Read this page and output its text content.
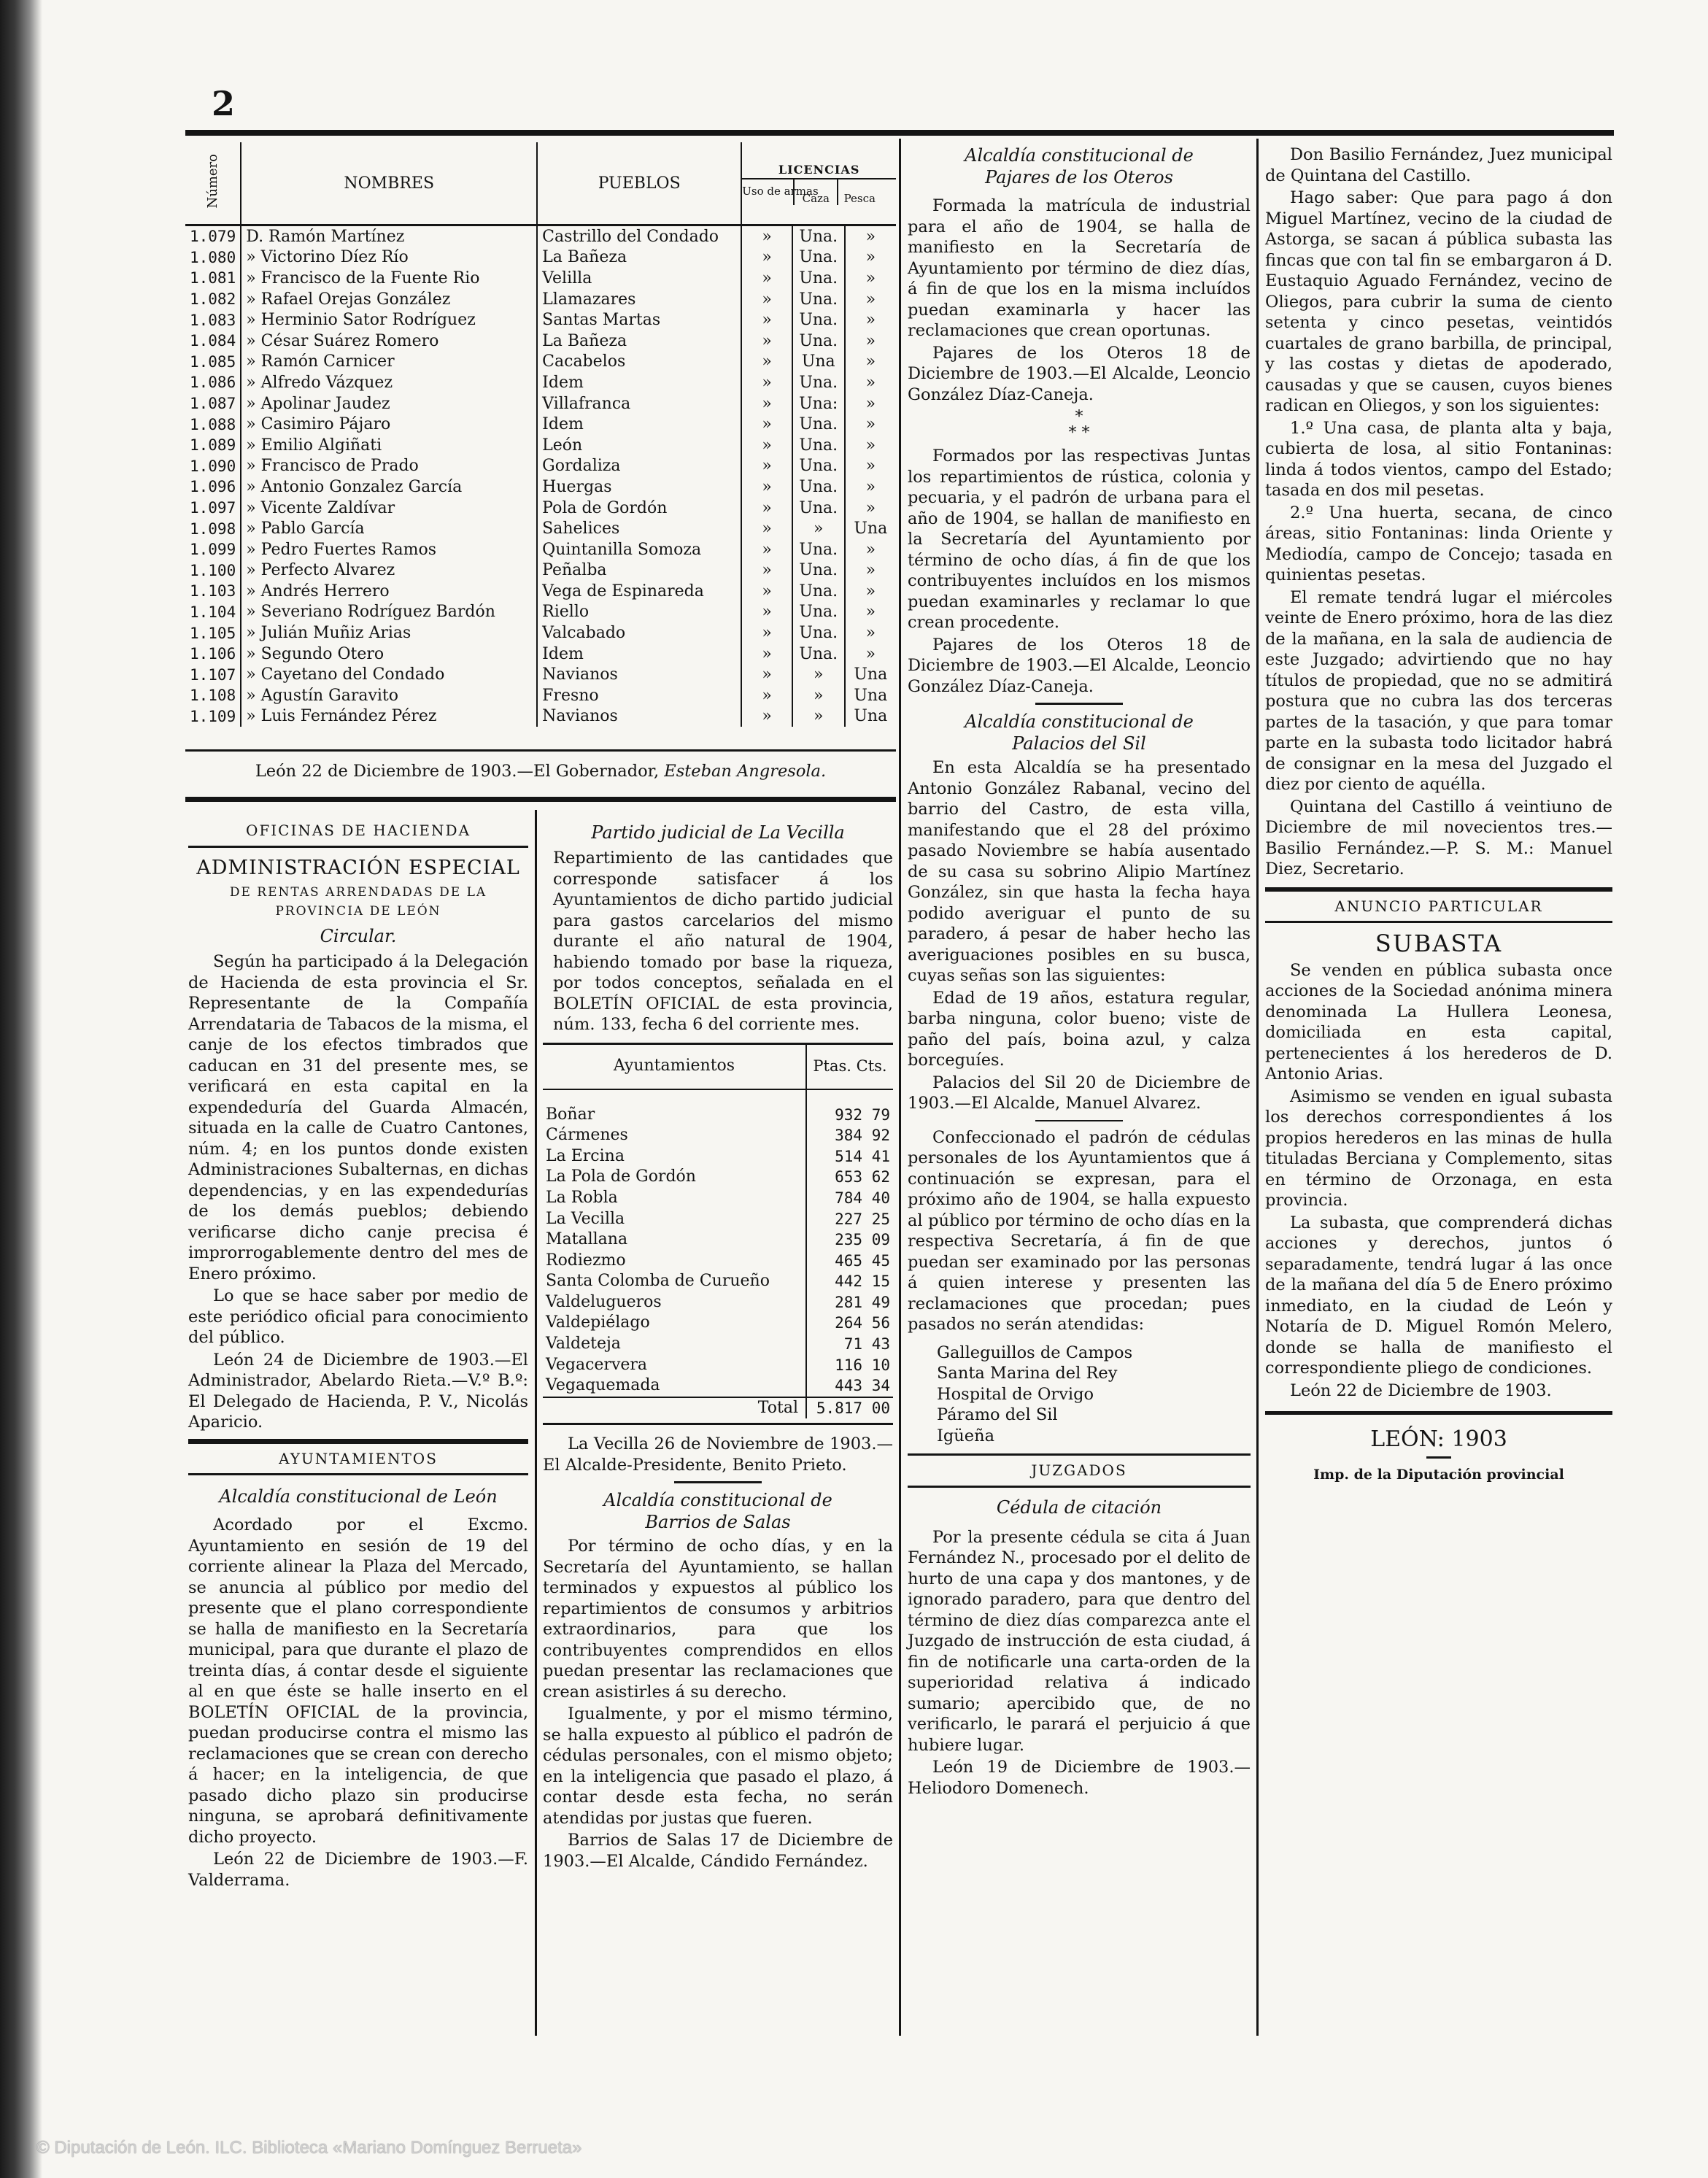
2
Número	NOMBRES	PUEBLOS	LICENCIAS
Uso de armas
Caza Pesca		

1.079	D. Ramón Martínez	Castrillo del Condado	»	Una.	»
1.080	» Victorino Díez Río	La Bañeza	»	Una.	»
1.081	» Francisco de la Fuente Rio	Velilla	»	Una.	»
1.082	» Rafael Orejas González	Llamazares	»	Una.	»
1.083	» Herminio Sator Rodríguez	Santas Martas	»	Una.	»
1.084	» César Suárez Romero	La Bañeza	»	Una.	»
1.085	» Ramón Carnicer	Cacabelos	»	Una	»
1.086	» Alfredo Vázquez	Idem	»	Una.	»
1.087	» Apolinar Jaudez	Villafranca	»	Una:	»
1.088	» Casimiro Pájaro	Idem	»	Una.	»
1.089	» Emilio Algiñati	León	»	Una.	»
1.090	» Francisco de Prado	Gordaliza	»	Una.	»
1.096	» Antonio Gonzalez García	Huergas	»	Una.	»
1.097	» Vicente Zaldívar	Pola de Gordón	»	Una.	»
1.098	» Pablo García	Sahelices	»	»	Una
1.099	» Pedro Fuertes Ramos	Quintanilla Somoza	»	Una.	»
1.100	» Perfecto Alvarez	Peñalba	»	Una.	»
1.103	» Andrés Herrero	Vega de Espinareda	»	Una.	»
1.104	» Severiano Rodríguez Bardón	Riello	»	Una.	»
1.105	» Julián Muñiz Arias	Valcabado	»	Una.	»
1.106	» Segundo Otero	Idem	»	Una.	»
1.107	» Cayetano del Condado	Navianos	»	»	Una
1.108	» Agustín Garavito	Fresno	»	»	Una
1.109	» Luis Fernández Pérez	Navianos	»	»	Una
León 22 de Diciembre de 1903.—El Gobernador, Esteban Angresola.
OFICINAS DE HACIENDA
ADMINISTRACIÓN ESPECIAL
DE RENTAS ARRENDADAS DE LA PROVINCIA DE LEÓN
Circular.

Según ha participado á la Delegación de Hacienda de esta provincia el Sr. Representante de la Compañía Arrendataria de Tabacos de la misma, el canje de los efectos timbrados que caducan en 31 del presente mes, se verificará en esta capital en la expendeduría del Guarda Almacén, situada en la calle de Cuatro Cantones, núm. 4; en los puntos donde existen Administraciones Subalternas, en dichas dependencias, y en las expendedurías de los demás pueblos; debiendo verificarse dicho canje precisa é improrrogablemente dentro del mes de Enero próximo.

Lo que se hace saber por medio de este periódico oficial para conocimiento del público.

León 24 de Diciembre de 1903.—El Administrador, Abelardo Rieta.—V.º B.º: El Delegado de Hacienda, P. V., Nicolás Aparicio.

AYUNTAMIENTOS
Alcaldía constitucional de León

Acordado por el Excmo. Ayuntamiento en sesión de 19 del corriente alinear la Plaza del Mercado, se anuncia al público por medio del presente que el plano correspondiente se halla de manifiesto en la Secretaría municipal, para que durante el plazo de treinta días, á contar desde el siguiente al en que éste se halle inserto en el BOLETÍN OFICIAL de la provincia, puedan producirse contra el mismo las reclamaciones que se crean con derecho á hacer; en la inteligencia, de que pasado dicho plazo sin producirse ninguna, se aprobará definitivamente dicho proyecto.

León 22 de Diciembre de 1903.—F. Valderrama.

Partido judicial de La Vecilla

Repartimiento de las cantidades que corresponde satisfacer á los Ayuntamientos de dicho partido judicial para gastos carcelarios del mismo durante el año natural de 1904, habiendo tomado por base la riqueza, por todos conceptos, señalada en el BOLETÍN OFICIAL de esta provincia, núm. 133, fecha 6 del corriente mes.

Ayuntamientos	Ptas. Cts.

Boñar	932 79
Cármenes	384 92
La Ercina	514 41
La Pola de Gordón	653 62
La Robla	784 40
La Vecilla	227 25
Matallana	235 09
Rodiezmo	465 45
Santa Colomba de Curueño	442 15
Valdelugueros	281 49
Valdepiélago	264 56
Valdeteja	71 43
Vegacervera	116 10
Vegaquemada	443 34
Total	5.817 00

La Vecilla 26 de Noviembre de 1903.—El Alcalde-Presidente, Benito Prieto.

Alcaldía constitucional de Barrios de Salas

Por término de ocho días, y en la Secretaría del Ayuntamiento, se hallan terminados y expuestos al público los repartimientos de consumos y arbitrios extraordinarios, para que los contribuyentes comprendidos en ellos puedan presentar las reclamaciones que crean asistirles á su derecho.

Igualmente, y por el mismo término, se halla expuesto al público el padrón de cédulas personales, con el mismo objeto; en la inteligencia que pasado el plazo, á contar desde esta fecha, no serán atendidas por justas que fueren.

Barrios de Salas 17 de Diciembre de 1903.—El Alcalde, Cándido Fernández.

Alcaldía constitucional de Pajares de los Oteros

Formada la matrícula de industrial para el año de 1904, se halla de manifiesto en la Secretaría de Ayuntamiento por término de diez días, á fin de que los en la misma incluídos puedan examinarla y hacer las reclamaciones que crean oportunas.

Pajares de los Oteros 18 de Diciembre de 1903.—El Alcalde, Leoncio González Díaz-Caneja.

*
* *

Formados por las respectivas Juntas los repartimientos de rústica, colonia y pecuaria, y el padrón de urbana para el año de 1904, se hallan de manifiesto en la Secretaría del Ayuntamiento por término de ocho días, á fin de que los contribuyentes incluídos en los mismos puedan examinarles y reclamar lo que crean procedente.

Pajares de los Oteros 18 de Diciembre de 1903.—El Alcalde, Leoncio González Díaz-Caneja.

Alcaldía constitucional de Palacios del Sil

En esta Alcaldía se ha presentado Antonio González Rabanal, vecino del barrio del Castro, de esta villa, manifestando que el 28 del próximo pasado Noviembre se había ausentado de su casa su sobrino Alipio Martínez González, sin que hasta la fecha haya podido averiguar el punto de su paradero, á pesar de haber hecho las averiguaciones posibles en su busca, cuyas señas son las siguientes:

Edad de 19 años, estatura regular, barba ninguna, color bueno; viste de paño del país, boina azul, y calza borceguíes.

Palacios del Sil 20 de Diciembre de 1903.—El Alcalde, Manuel Alvarez.

Confeccionado el padrón de cédulas personales de los Ayuntamientos que á continuación se expresan, para el próximo año de 1904, se halla expuesto al público por término de ocho días en la respectiva Secretaría, á fin de que puedan ser examinado por las personas á quien interese y presenten las reclamaciones que procedan; pues pasados no serán atendidas:

Galleguillos de Campos
Santa Marina del Rey
Hospital de Orvigo
Páramo del Sil
Igüeña
JUZGADOS
Cédula de citación

Por la presente cédula se cita á Juan Fernández N., procesado por el delito de hurto de una capa y dos mantones, y de ignorado paradero, para que dentro del término de diez días comparezca ante el Juzgado de instrucción de esta ciudad, á fin de notificarle una carta-orden de la superioridad relativa á indicado sumario; apercibido que, de no verificarlo, le parará el perjuicio á que hubiere lugar.

León 19 de Diciembre de 1903.—Heliodoro Domenech.

Don Basilio Fernández, Juez municipal de Quintana del Castillo.

Hago saber: Que para pago á don Miguel Martínez, vecino de la ciudad de Astorga, se sacan á pública subasta las fincas que con tal fin se embargaron á D. Eustaquio Aguado Fernández, vecino de Oliegos, para cubrir la suma de ciento setenta y cinco pesetas, veintidós cuartales de grano barbilla, de principal, y las costas y dietas de apoderado, causadas y que se causen, cuyos bienes radican en Oliegos, y son los siguientes:

1.º Una casa, de planta alta y baja, cubierta de losa, al sitio Fontaninas: linda á todos vientos, campo del Estado; tasada en dos mil pesetas.

2.º Una huerta, secana, de cinco áreas, sitio Fontaninas: linda Oriente y Mediodía, campo de Concejo; tasada en quinientas pesetas.

El remate tendrá lugar el miércoles veinte de Enero próximo, hora de las diez de la mañana, en la sala de audiencia de este Juzgado; advirtiendo que no hay títulos de propiedad, que no se admitirá postura que no cubra las dos terceras partes de la tasación, y que para tomar parte en la subasta todo licitador habrá de consignar en la mesa del Juzgado el diez por ciento de aquélla.

Quintana del Castillo á veintiuno de Diciembre de mil novecientos tres.—Basilio Fernández.—P. S. M.: Manuel Diez, Secretario.

ANUNCIO PARTICULAR
SUBASTA

Se venden en pública subasta once acciones de la Sociedad anónima minera denominada La Hullera Leonesa, domiciliada en esta capital, pertenecientes á los herederos de D. Antonio Arias.

Asimismo se venden en igual subasta los derechos correspondientes á los propios herederos en las minas de hulla tituladas Berciana y Complemento, sitas en término de Orzonaga, en esta provincia.

La subasta, que comprenderá dichas acciones y derechos, juntos ó separadamente, tendrá lugar á las once de la mañana del día 5 de Enero próximo inmediato, en la ciudad de León y Notaría de D. Miguel Romón Melero, donde se halla de manifiesto el correspondiente pliego de condiciones.

León 22 de Diciembre de 1903.

LEÓN: 1903
Imp. de la Diputación provincial
© Diputación de León. ILC. Biblioteca «Mariano Domínguez Berrueta»
